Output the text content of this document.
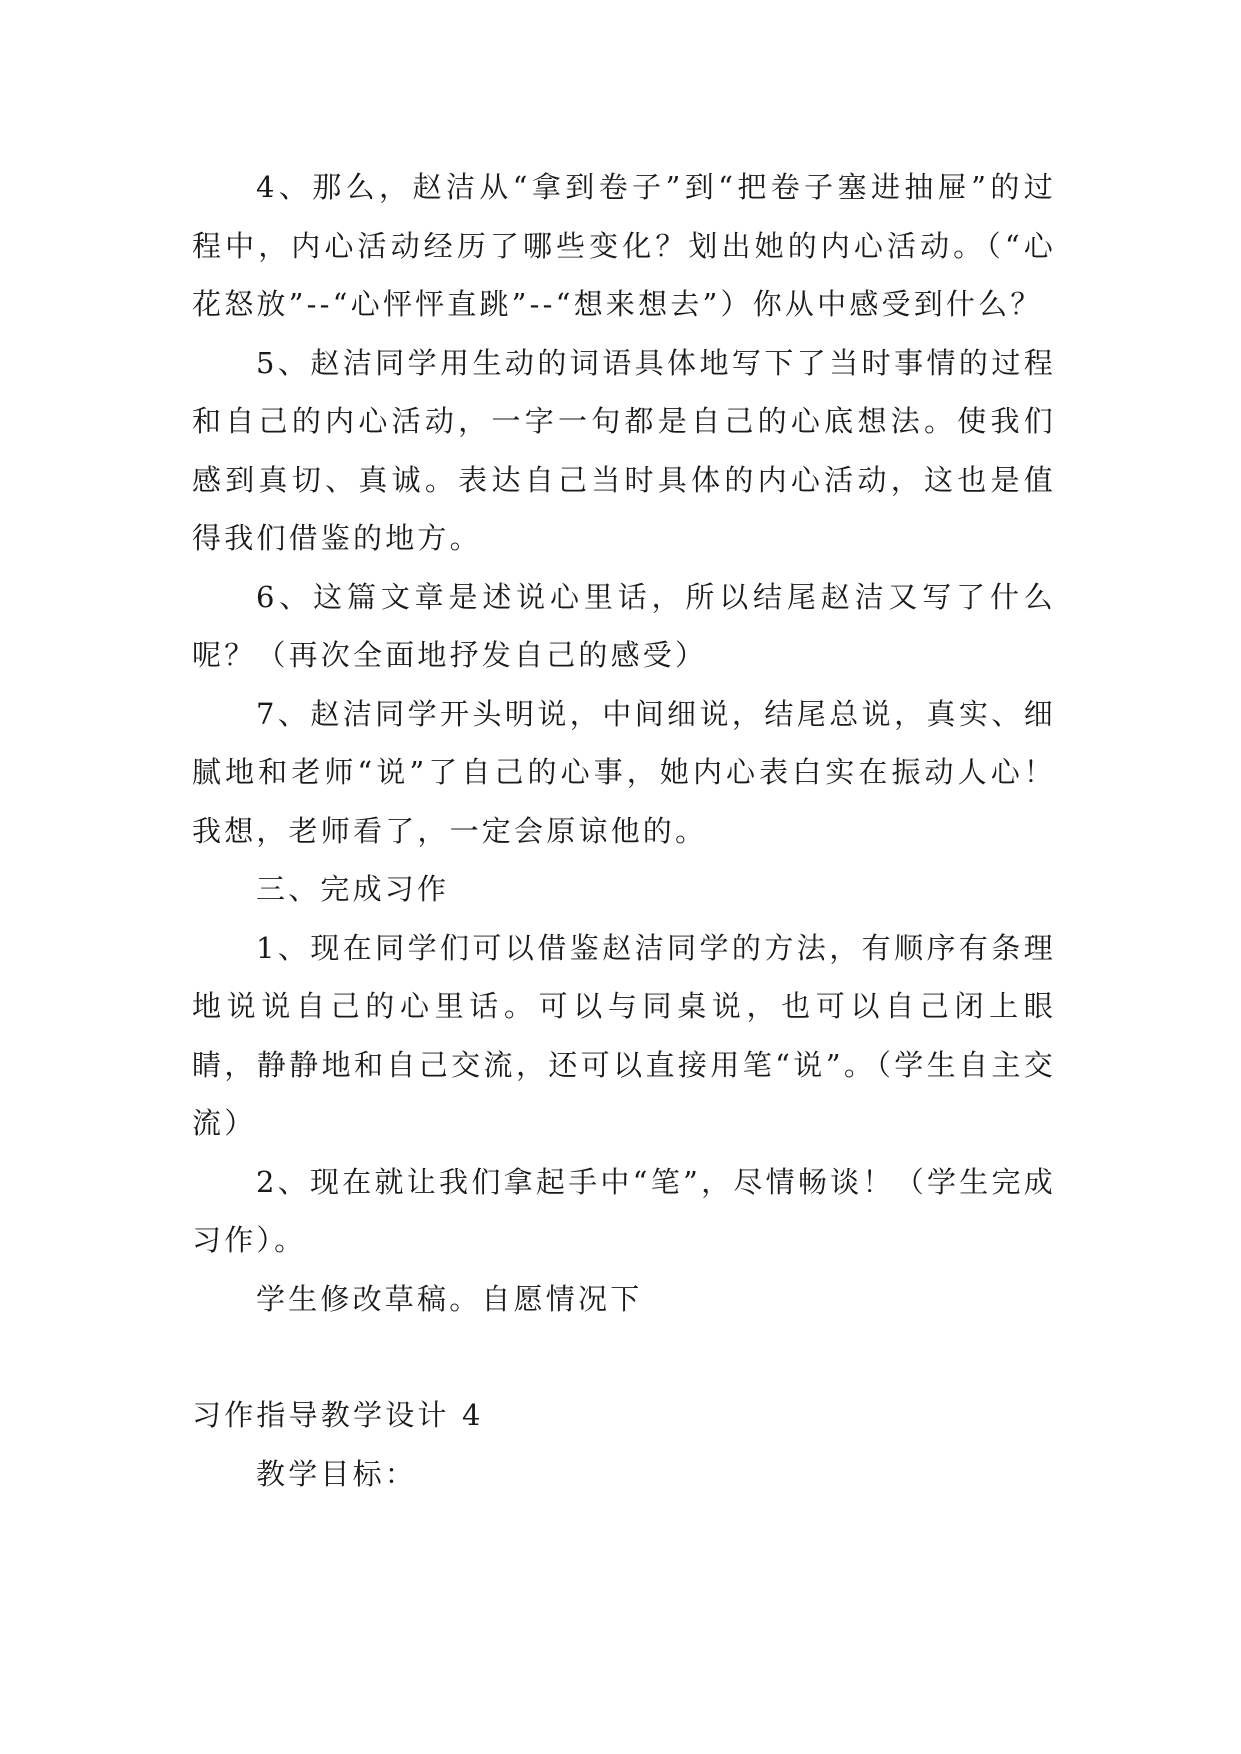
4、那么，赵洁从“拿到卷子”到“把卷子塞进抽屉”的过程中，内心活动经历了哪些变化？划出她的内心活动。（“心花怒放”--“心怦怦直跳”--“想来想去”）你从中感受到什么？

5、赵洁同学用生动的词语具体地写下了当时事情的过程和自己的内心活动，一字一句都是自己的心底想法。使我们感到真切、真诚。表达自己当时具体的内心活动，这也是值得我们借鉴的地方。

6、这篇文章是述说心里话，所以结尾赵洁又写了什么呢？（再次全面地抒发自己的感受）

7、赵洁同学开头明说，中间细说，结尾总说，真实、细腻地和老师“说”了自己的心事，她内心表白实在振动人心！我想，老师看了，一定会原谅他的。

三、完成习作

1、现在同学们可以借鉴赵洁同学的方法，有顺序有条理地说说自己的心里话。可以与同桌说，也可以自己闭上眼睛，静静地和自己交流，还可以直接用笔“说”。（学生自主交流）

2、现在就让我们拿起手中“笔”，尽情畅谈！（学生完成习作）。

学生修改草稿。自愿情况下

习作指导教学设计 4

教学目标：
